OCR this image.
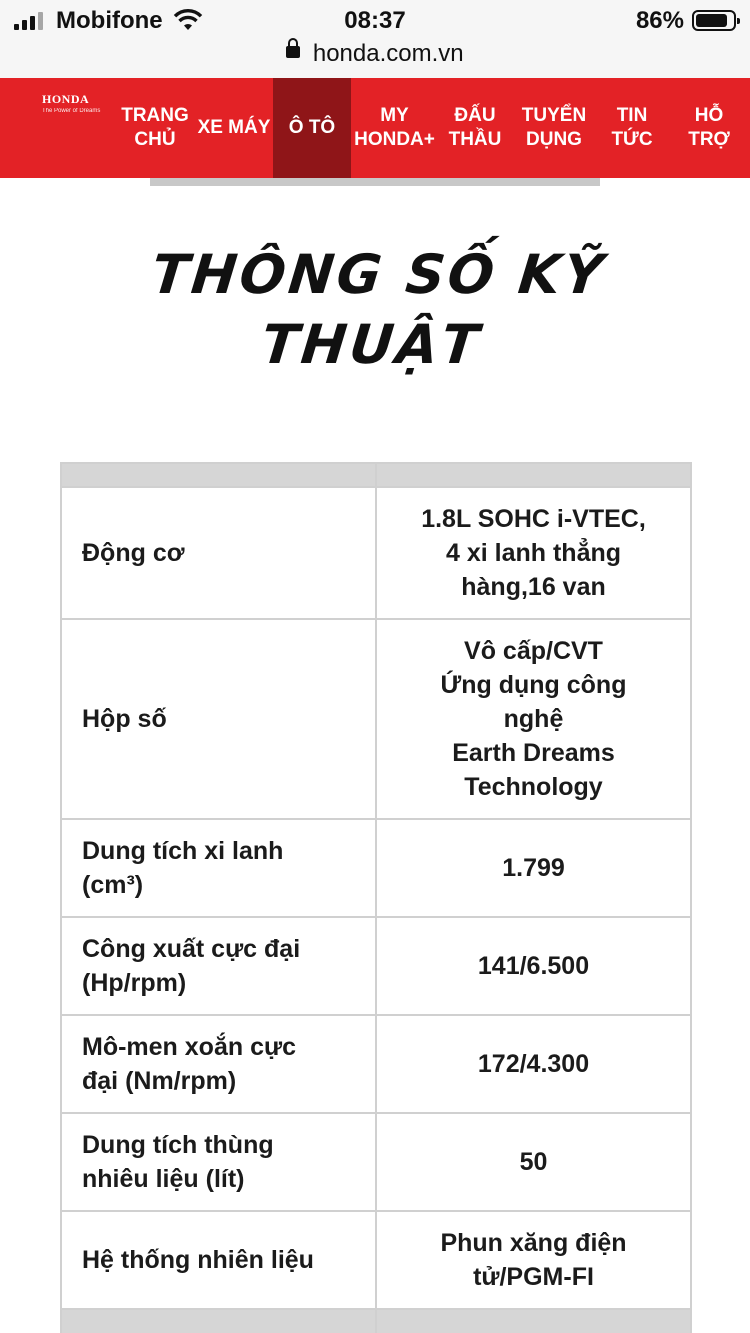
Mobifone	08:37	86%
honda.com.vn
HONDA
The Power of Dreams	TRANG
CHỦ
XE MÁY Ô TÔ
MY
HONDA+
ĐẤU
THẦU
TUYỂN
DỤNG
TIN
TỨC
HỖ
TRỢ
THÔNG SỐ KỸ
THUẬT

Động cơ	1.8L SOHC i-VTEC,
4 xi lanh thẳng
hàng,16 van
Hộp số	Vô cấp/CVT
Ứng dụng công
nghệ
Earth Dreams
Technology
Dung tích xi lanh
(cm³)	1.799
Công xuất cực đại
(Hp/rpm)	141/6.500
Mô-men xoắn cực
đại (Nm/rpm)	172/4.300
Dung tích thùng
nhiêu liệu (lít)	50
Hệ thống nhiên liệu	Phun xăng điện
tử/PGM-FI
